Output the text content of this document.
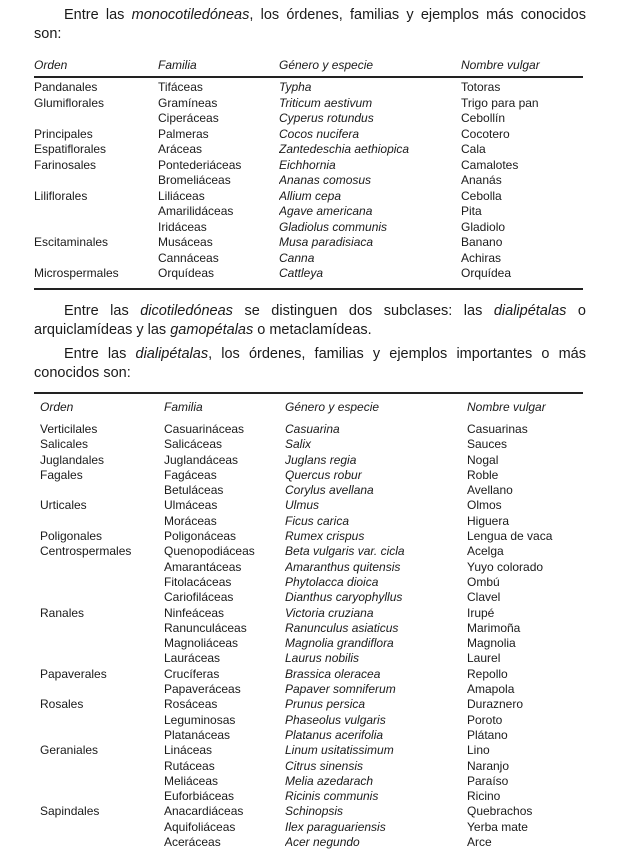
Entre las monocotiledóneas, los órdenes, familias y ejemplos más conocidos son:

Orden	Familia	Género y especie	Nombre vulgar
Pandanales	Tifáceas	Typha	Totoras
Glumiflorales	Gramíneas	Triticum aestivum	Trigo para pan
	Ciperáceas	Cyperus rotundus	Cebollín
Principales	Palmeras	Cocos nucifera	Cocotero
Espatiflorales	Aráceas	Zantedeschia aethiopica	Cala
Farinosales	Pontederiáceas	Eichhornia	Camalotes
	Bromeliáceas	Ananas comosus	Ananás
Liliflorales	Liliáceas	Allium cepa	Cebolla
	Amarilidáceas	Agave americana	Pita
	Iridáceas	Gladiolus communis	Gladiolo
Escitaminales	Musáceas	Musa paradisiaca	Banano
	Cannáceas	Canna	Achiras
Microspermales	Orquídeas	Cattleya	Orquídea

Entre las dicotiledóneas se distinguen dos subclases: las dialipétalas o arquiclamídeas y las gamopétalas o metaclamídeas.

Entre las dialipétalas, los órdenes, familias y ejemplos importantes o más conocidos son:

Orden	Familia	Género y especie	Nombre vulgar
Verticilales	Casuarináceas	Casuarina	Casuarinas
Salicales	Salicáceas	Salix	Sauces
Juglandales	Juglandáceas	Juglans regia	Nogal
Fagales	Fagáceas	Quercus robur	Roble
	Betuláceas	Corylus avellana	Avellano
Urticales	Ulmáceas	Ulmus	Olmos
	Moráceas	Ficus carica	Higuera
Poligonales	Poligonáceas	Rumex crispus	Lengua de vaca
Centrospermales	Quenopodiáceas	Beta vulgaris var. cicla	Acelga
	Amarantáceas	Amaranthus quitensis	Yuyo colorado
	Fitolacáceas	Phytolacca dioica	Ombú
	Cariofiláceas	Dianthus caryophyllus	Clavel
Ranales	Ninfeáceas	Victoria cruziana	Irupé
	Ranunculáceas	Ranunculus asiaticus	Marimoña
	Magnoliáceas	Magnolia grandiflora	Magnolia
	Lauráceas	Laurus nobilis	Laurel
Papaverales	Crucíferas	Brassica oleracea	Repollo
	Papaveráceas	Papaver somniferum	Amapola
Rosales	Rosáceas	Prunus persica	Duraznero
	Leguminosas	Phaseolus vulgaris	Poroto
	Platanáceas	Platanus acerifolia	Plátano
Geraniales	Lináceas	Linum usitatissimum	Lino
	Rutáceas	Citrus sinensis	Naranjo
	Meliáceas	Melia azedarach	Paraíso
	Euforbiáceas	Ricinis communis	Ricino
Sapindales	Anacardiáceas	Schinopsis	Quebrachos
	Aquifoliáceas	Ilex paraguariensis	Yerba mate
	Aceráceas	Acer negundo	Arce
